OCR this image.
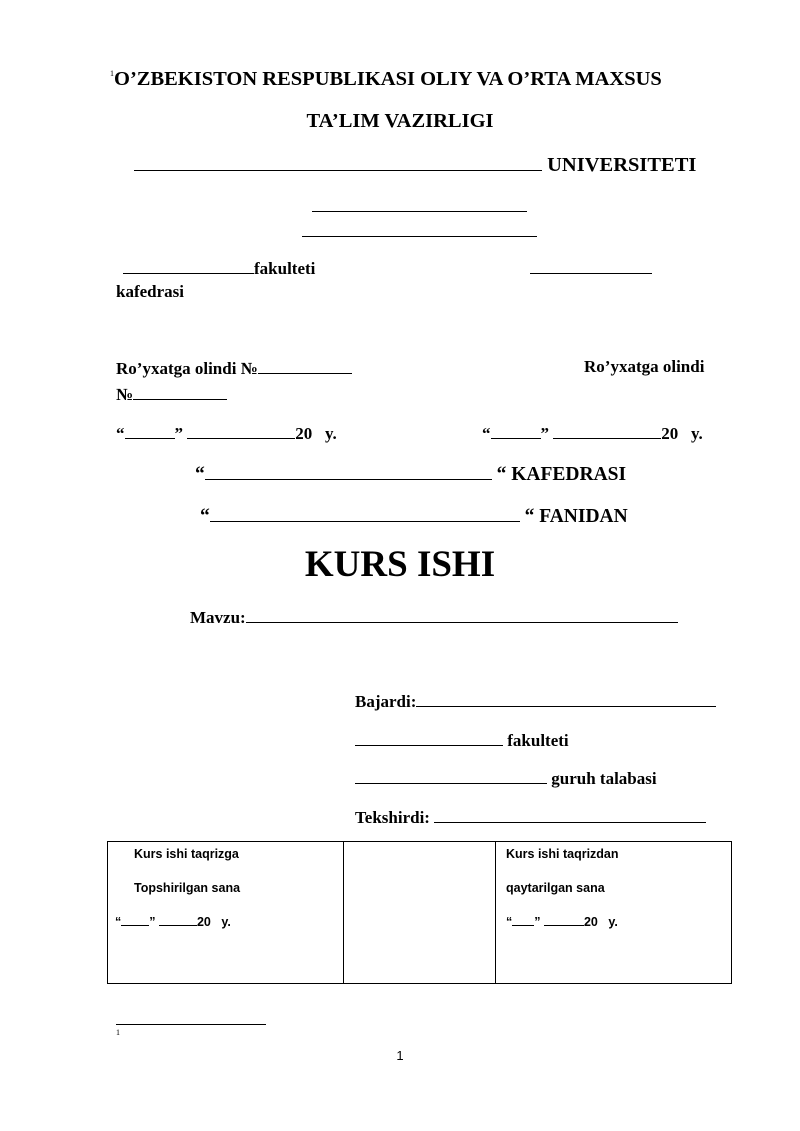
$^1$O’ZBEKISTON RESPUBLIKASI OLIY VA O’RTA MAXSUS
TA’LIM VAZIRLIGI
UNIVERSITETI
fakulteti
kafedrasi
Ro’yxatga olindi №	Ro’yxatga olindi
№
“	”	20 y.	“	”	20 y.
“	“ KAFEDRASI
“	“ FANIDAN
KURS ISHI
Mavzu:
Bajardi:
fakulteti
guruh talabasi
Tekshirdi:
Kurs ishi taqrizga
Topshirilgan sana
“ ”	20 y.

Kurs ishi taqrizdan
qaytarilgan sana
“ ”	20 y.
1
1
